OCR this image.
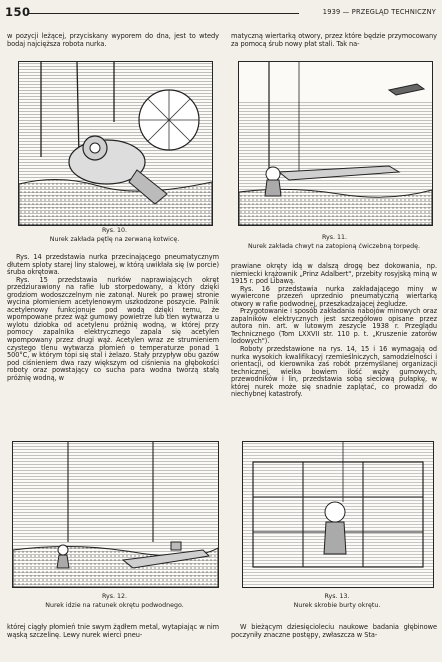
150	1939 — PRZEGLĄD TECHNICZNY

w pozycji leżącej, przyciskany wyporem do dna, jest to wtedy bodaj najcięższa robota nurka.

Rys. 10.
Nurek zakłada pętlę na zerwaną kotwicę.

Rys. 14 przedstawia nurka przecinającego pneumatycznym dłutem sploty starej liny stalowej, w którą uwikłała się (w porcie) śruba okrętowa.

Rys. 15 przedstawia nurków naprawiających okręt przedziurawiony na rafie lub storpedowany, a który dzięki grodziom wodoszczelnym nie zatonął. Nurek po prawej stronie wycina płomieniem acetylenowym uszkodzone poszycie. Palnik acetylenowy funkcjonuje pod wodą dzięki temu, że wpompowane przez wąż gumowy powietrze lub tlen wytwarza u wylotu dziobka od acetylenu próżnię wodną, w której przy pomocy zapalnika elektrycznego zapala się acetylen wpompowany przez drugi wąż. Acetylen wraz ze strumieniem czystego tlenu wytwarza płomień o temperaturze ponad 1 500°C, w którym topi się stal i żelazo. Stały przypływ obu gazów pod ciśnieniem dwa razy większym od ciśnienia na głębokości roboty oraz powstający co sucha para wodna tworzą stałą próżnię wodną, w

Rys. 12.
Nurek idzie na ratunek okrętu podwodnego.

której ciągły płomień tnie swym żądłem metal, wytapiając w nim wąską szczelinę. Lewy nurek wierci pneu-

matyczną wiertarką otwory, przez które będzie przymocowany za pomocą śrub nowy płat stali. Tak na-

Rys. 11.
Nurek zakłada chwyt na zatopioną ćwiczebną torpedę.

prawiane okręty idą w dalszą drogę bez dokowania, np. niemiecki krążownik „Prinz Adalbert", przebity rosyjską miną w 1915 r. pod Libawą.

Rys. 16 przedstawia nurka zakładającego miny w wywiercone przezeń uprzednio pneumatyczną wiertarką otwory w rafie podwodnej, przeszkadzającej żegludze.

Przygotowanie i sposób zakładania nabojów minowych oraz zapalników elektrycznych jest szczegółowo opisane przez autora nin. art. w lutowym zeszycie 1938 r. Przeglądu Technicznego (Tom LXXVII str. 110 p. t. „Kruszenie zatorów lodowych").

Roboty przedstawione na rys. 14, 15 i 16 wymagają od nurka wysokich kwalifikacyj rzemieślniczych, samodzielności i orientacji, od kierownika zaś robót przemyślanej organizacji technicznej, wielka bowiem ilość węży gumowych, przewodników i lin, przedstawia sobą sieciową pułapkę, w której nurek może się snadnie zaplątać, co prowadzi do niechybnej katastrofy.

Rys. 13.
Nurek skrobie burty okrętu.

W bieżącym dziesięcioleciu naukowe badania głębinowe poczyniły znaczne postępy, zwłaszcza w Sta-
